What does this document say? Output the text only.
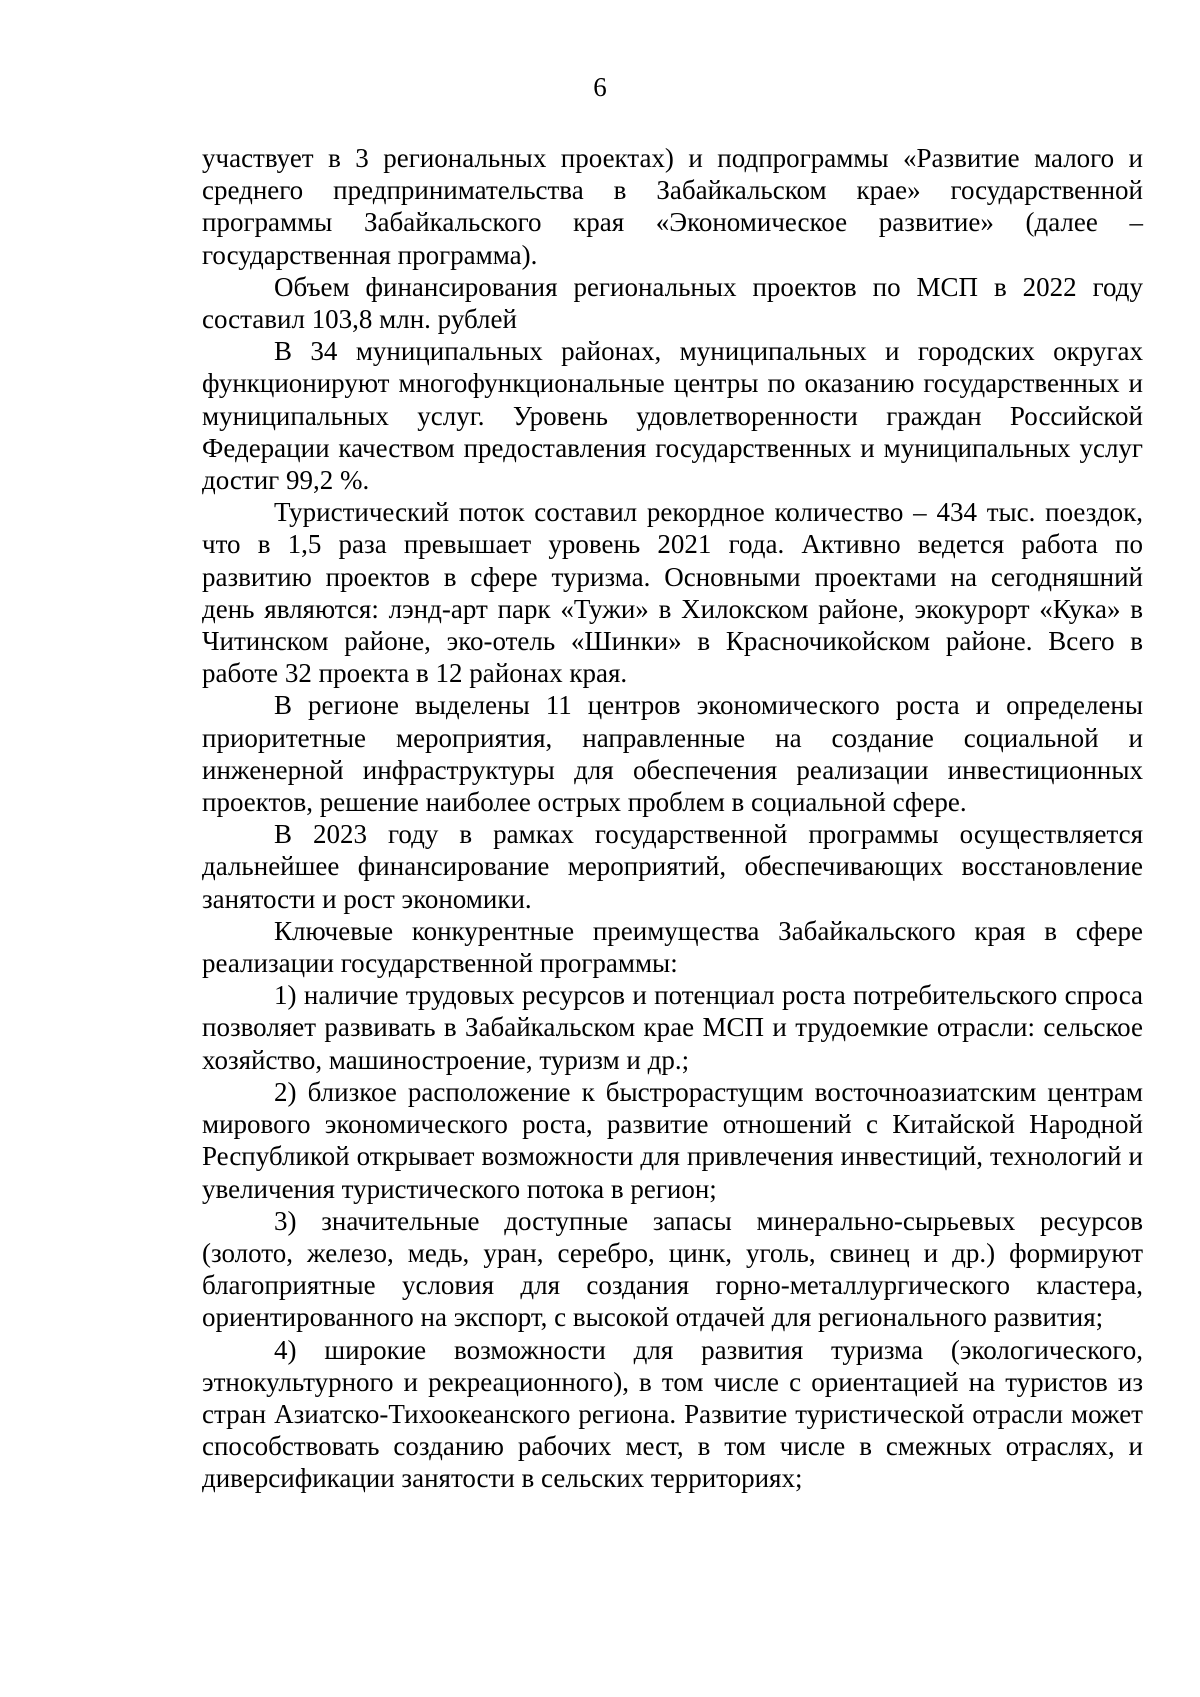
6

участвует в 3 региональных проектах) и подпрограммы «Развитие малого и среднего предпринимательства в Забайкальском крае» государственной программы Забайкальского края «Экономическое развитие» (далее – государственная программа).

Объем финансирования региональных проектов по МСП в 2022 году составил 103,8 млн. рублей

В 34 муниципальных районах, муниципальных и городских округах функционируют многофункциональные центры по оказанию государственных и муниципальных услуг. Уровень удовлетворенности граждан Российской Федерации качеством предоставления государственных и муниципальных услуг достиг 99,2 %.

Туристический поток составил рекордное количество – 434 тыс. поездок, что в 1,5 раза превышает уровень 2021 года. Активно ведется работа по развитию проектов в сфере туризма. Основными проектами на сегодняшний день являются: лэнд-арт парк «Тужи» в Хилокском районе, экокурорт «Кука» в Читинском районе, эко-отель «Шинки» в Красночикойском районе. Всего в работе 32 проекта в 12 районах края.

В регионе выделены 11 центров экономического роста и определены приоритетные мероприятия, направленные на создание социальной и инженерной инфраструктуры для обеспечения реализации инвестиционных проектов, решение наиболее острых проблем в социальной сфере.

В 2023 году в рамках государственной программы осуществляется дальнейшее финансирование мероприятий, обеспечивающих восстановление занятости и рост экономики.

Ключевые конкурентные преимущества Забайкальского края в сфере реализации государственной программы:

1) наличие трудовых ресурсов и потенциал роста потребительского спроса позволяет развивать в Забайкальском крае МСП и трудоемкие отрасли: сельское хозяйство, машиностроение, туризм и др.;

2) близкое расположение к быстрорастущим восточноазиатским центрам мирового экономического роста, развитие отношений с Китайской Народной Республикой открывает возможности для привлечения инвестиций, технологий и увеличения туристического потока в регион;

3) значительные доступные запасы минерально-сырьевых ресурсов (золото, железо, медь, уран, серебро, цинк, уголь, свинец и др.) формируют благоприятные условия для создания горно-металлургического кластера, ориентированного на экспорт, с высокой отдачей для регионального развития;

4) широкие возможности для развития туризма (экологического, этнокультурного и рекреационного), в том числе с ориентацией на туристов из стран Азиатско-Тихоокеанского региона. Развитие туристической отрасли может способствовать созданию рабочих мест, в том числе в смежных отраслях, и диверсификации занятости в сельских территориях;
